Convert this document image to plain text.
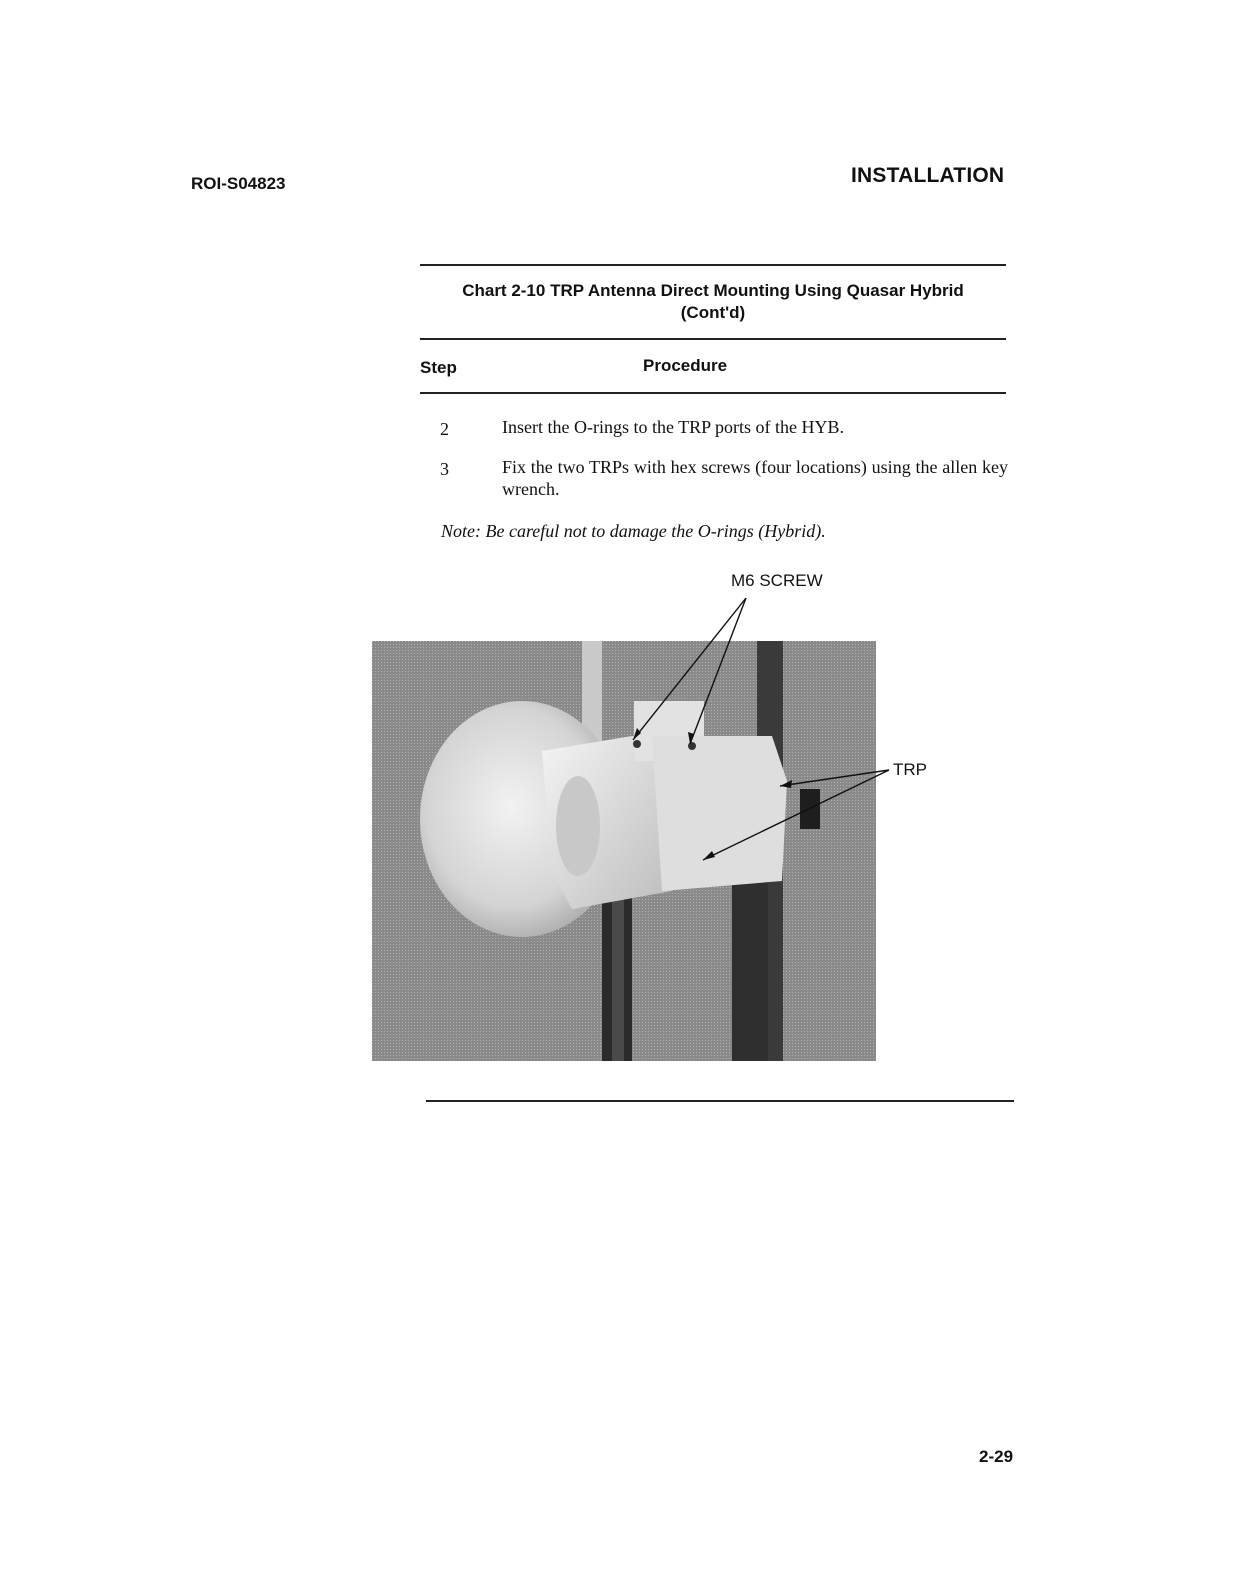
ROI-S04823	INSTALLATION
Chart 2-10 TRP Antenna Direct Mounting Using Quasar Hybrid
(Cont'd)
Step	Procedure
2	Insert the O-rings to the TRP ports of the HYB.
3	Fix the two TRPs with hex screws (four locations) using the allen key wrench.
Note: Be careful not to damage the O-rings (Hybrid).
M6 SCREW
TRP
2-29
